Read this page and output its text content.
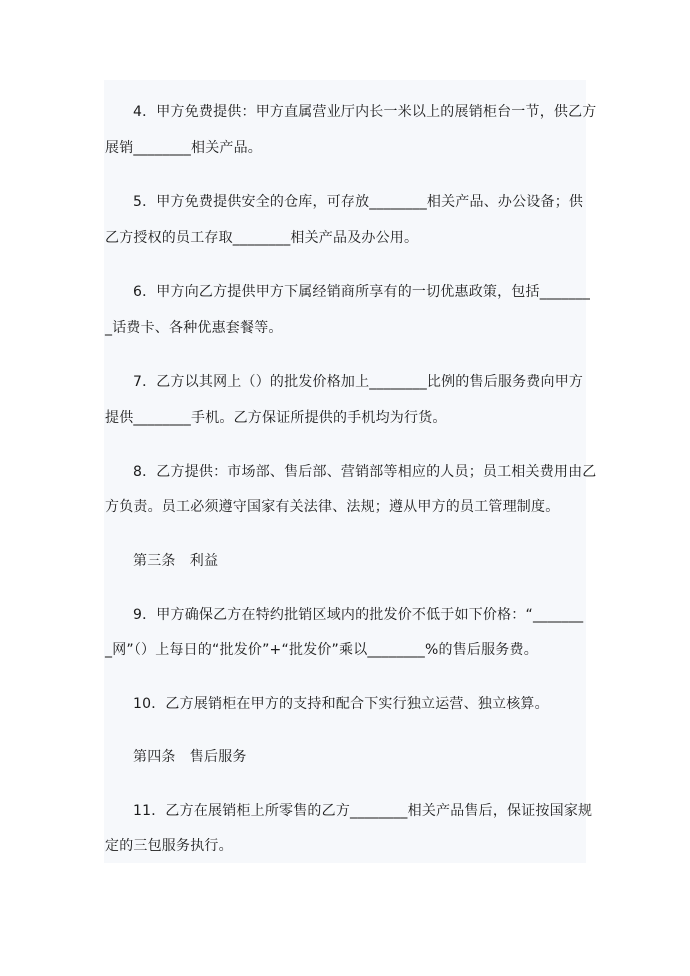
4．甲方免费提供：甲方直属营业厅内长一米以上的展销柜台一节，供乙方
展销________相关产品。
5．甲方免费提供安全的仓库，可存放________相关产品、办公设备；供
乙方授权的员工存取________相关产品及办公用。
6．甲方向乙方提供甲方下属经销商所享有的一切优惠政策，包括_______
_话费卡、各种优惠套餐等。
7．乙方以其网上（）的批发价格加上________比例的售后服务费向甲方
提供________手机。乙方保证所提供的手机均为行货。
8．乙方提供：市场部、售后部、营销部等相应的人员；员工相关费用由乙
方负责。员工必须遵守国家有关法律、法规；遵从甲方的员工管理制度。
第三条　利益
9．甲方确保乙方在特约批销区域内的批发价不低于如下价格：“_______
_网”（）上每日的“批发价”+“批发价”乘以________%的售后服务费。
10．乙方展销柜在甲方的支持和配合下实行独立运营、独立核算。
第四条　售后服务
11．乙方在展销柜上所零售的乙方________相关产品售后，保证按国家规
定的三包服务执行。
